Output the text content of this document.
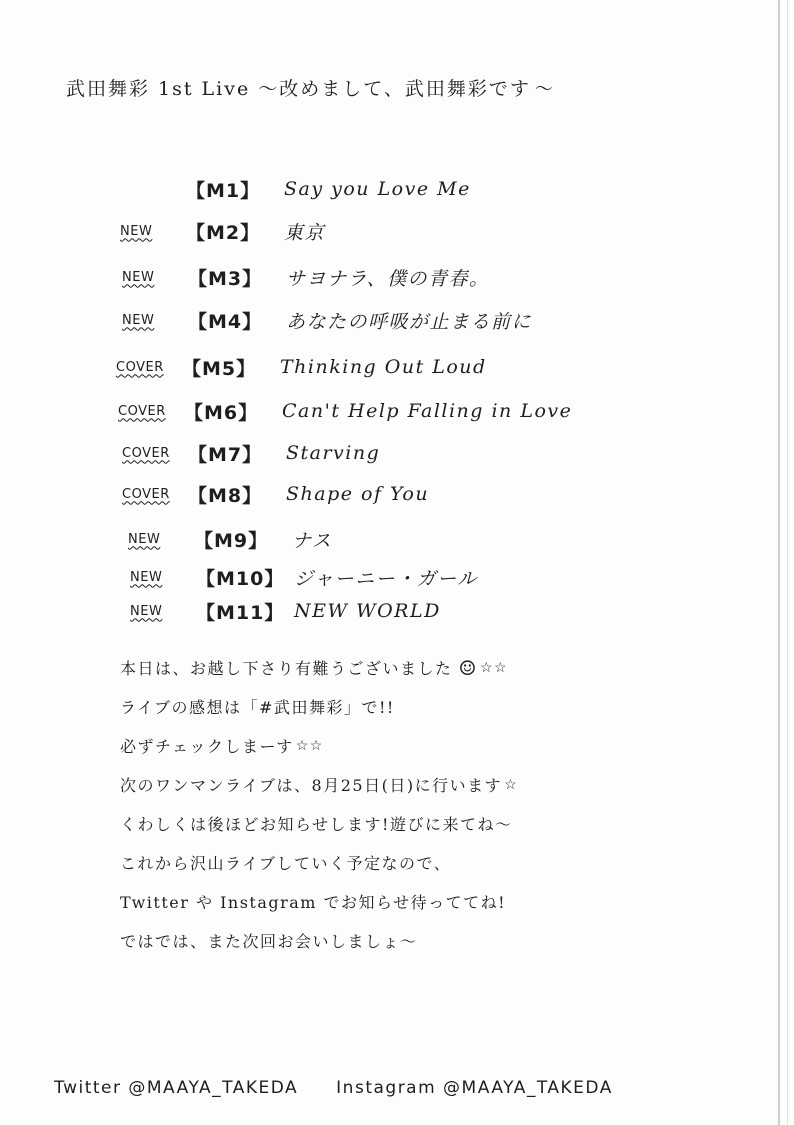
武田舞彩 1st Live 〜改めまして、武田舞彩です 〜
【M1】	Say you Love Me
NEW	【M2】	東京
NEW	【M3】	サヨナラ、僕の青春。
NEW	【M4】	あなたの呼吸が止まる前に
COVER 【M5】	Thinking Out Loud
COVER 【M6】	Can't Help Falling in Love
COVER 【M7】	Starving
COVER 【M8】	Shape of You
NEW	【M9】	ナス
NEW	【M10】 ジャーニー・ガール
NEW	【M11】 NEW WORLD
本日は、お越し下さり有難うございました ☺ ☆☆
ライブの感想は「#武田舞彩」で!!
必ずチェックしまーす ☆☆
次のワンマンライブは、8月25日(日)に行います ☆
くわしくは後ほどお知らせします!遊びに来てね〜
これから沢山ライブしていく予定なので、
Twitter や Instagram でお知らせ待っててね!
ではでは、また次回お会いしましょ〜
Twitter @MAAYA_TAKEDA Instagram @MAAYA_TAKEDA
